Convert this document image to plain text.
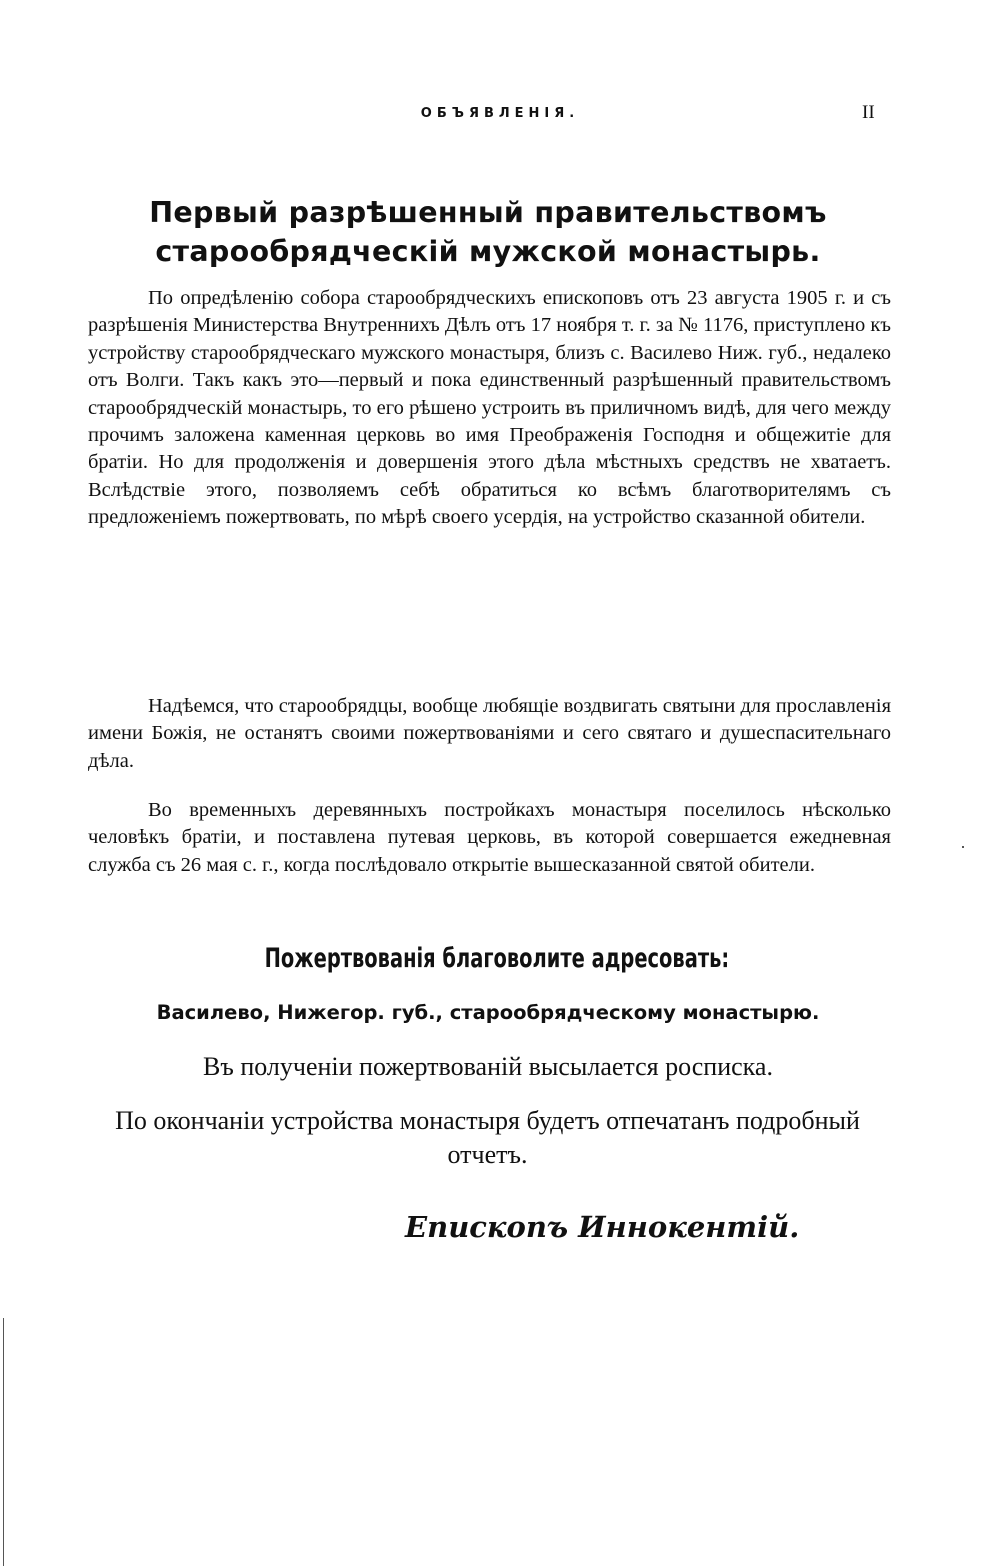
ОБЪЯВЛЕНIЯ.	II
Первый разрѣшенный правительствомъ старообрядческiй мужской монастырь.

По опредѣленiю собора старообрядческихъ епископовъ отъ 23 августа 1905 г. и съ разрѣшенiя Министерства Внутреннихъ Дѣлъ отъ 17 ноября т. г. за № 1176, приступлено къ устройству старообрядческаго мужского монастыря, близъ с. Василево Ниж. губ., недалеко отъ Волги. Такъ какъ это—первый и пока единственный разрѣшенный правительствомъ старообрядческiй монастырь, то его рѣшено устроить въ приличномъ видѣ, для чего между прочимъ заложена каменная церковь во имя Преображенiя Господня и общежитiе для братiи. Но для продолженiя и довершенiя этого дѣла мѣстныхъ средствъ не хватаетъ. Вслѣдствiе этого, позволяемъ себѣ обратиться ко всѣмъ благотворителямъ съ предложенiемъ пожертвовать, по мѣрѣ своего усердiя, на устройство сказанной обители.

Надѣемся, что старообрядцы, вообще любящiе воздвигать святыни для прославленiя имени Божiя, не останятъ своими пожертвованiями и сего святаго и душеспасительнаго дѣла.

Во временныхъ деревянныхъ постройкахъ монастыря поселилось нѣсколько человѣкъ братiи, и поставлена путевая церковь, въ которой совершается ежедневная служба съ 26 мая с. г., когда послѣдовало открытiе вышесказанной святой обители.

Пожертвованiя благоволите адресовать:
Василево, Нижегор. губ., старообрядческому монастырю.
Въ полученiи пожертвованiй высылается росписка.

По окончанiи устройства монастыря будетъ отпечатанъ подробный отчетъ.

Епископъ Иннокентiй.
